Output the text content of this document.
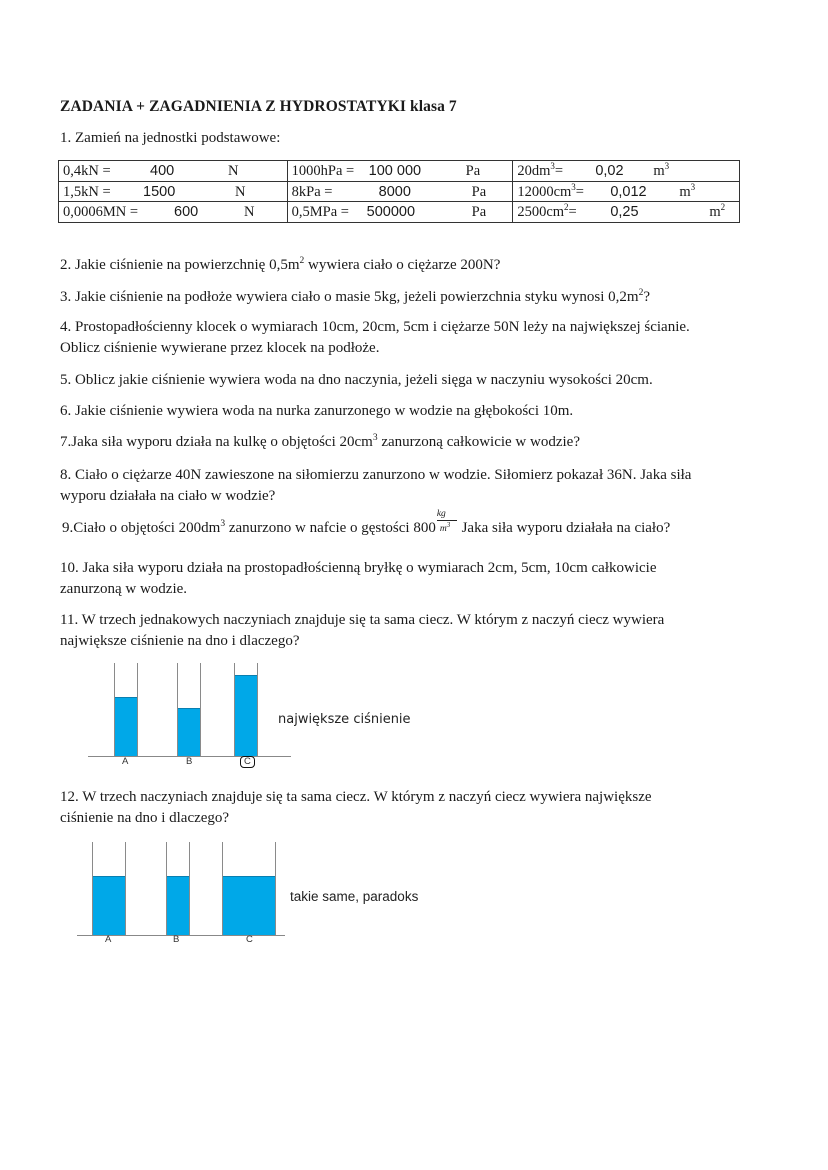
ZADANIA + ZAGADNIENIA Z HYDROSTATYKI klasa 7
1. Zamień na jednostki podstawowe:
0,4kN = 400 N	1000hPa = 100 000 Pa	$20dm^3= 0,02$ $m^3$

1,5kN = 1500 N	8kPa = 8000 Pa	$12000cm^3= 0,012$ $m^3$

0,0006MN = 600 N	0,5MPa = 500000 Pa	$2500cm^2= 0,25$ $m^2$
2. Jakie ciśnienie na powierzchnię $0,5m^2$ wywiera ciało o ciężarze 200N?
3. Jakie ciśnienie na podłoże wywiera ciało o masie 5kg, jeżeli powierzchnia styku wynosi $0,2m^2$?
4. Prostopadłościenny klocek o wymiarach 10cm, 20cm, 5cm i ciężarze 50N leży na największej ścianie.
Oblicz ciśnienie wywierane przez klocek na podłoże.
5. Oblicz jakie ciśnienie wywiera woda na dno naczynia, jeżeli sięga w naczyniu wysokości 20cm.
6. Jakie ciśnienie wywiera woda na nurka zanurzonego w wodzie na głębokości 10m.
7.Jaka siła wyporu działa na kulkę o objętości $20cm^3$ zanurzoną całkowicie w wodzie?
8. Ciało o ciężarze 40N zawieszone na siłomierzu zanurzono w wodzie. Siłomierz pokazał 36N. Jaka siła
wyporu działała na ciało w wodzie?
9.Ciało o objętości $200dm^3$ zanurzono w nafcie o gęstości $800 \frac{kg}{m^3}$ Jaka siła wyporu działała na ciało?
10. Jaka siła wyporu działa na prostopadłościenną bryłkę o wymiarach 2cm, 5cm, 10cm całkowicie
zanurzoną w wodzie.
11. W trzech jednakowych naczyniach znajduje się ta sama ciecz. W którym z naczyń ciecz wywiera
największe ciśnienie na dno i dlaczego?
A	B	C
największe ciśnienie
12. W trzech naczyniach znajduje się ta sama ciecz. W którym z naczyń ciecz wywiera największe
ciśnienie na dno i dlaczego?
A	B	C
takie same, paradoks
